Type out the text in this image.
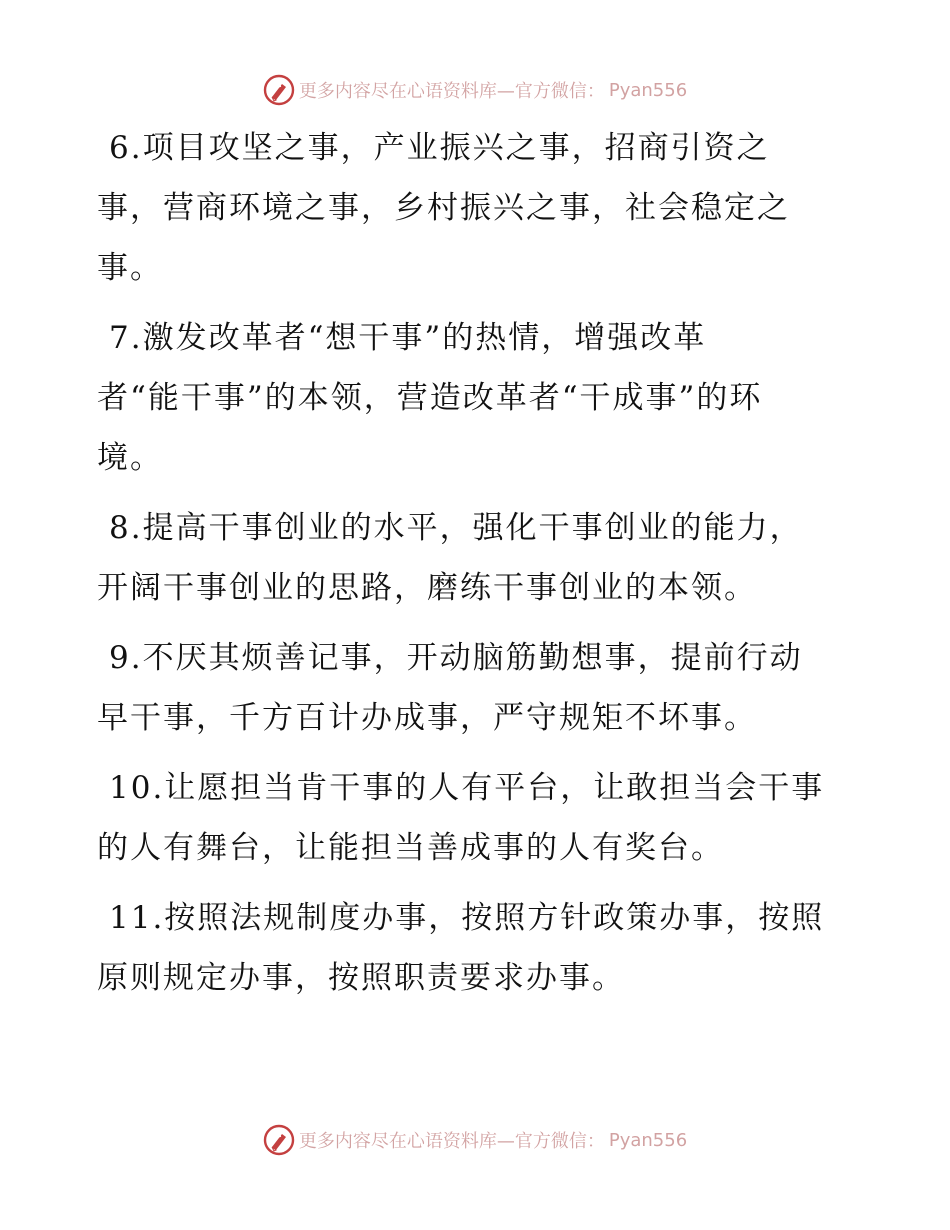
更多内容尽在心语资料库—官方微信： Pyan556

6.项目攻坚之事，产业振兴之事，招商引资之

事，营商环境之事，乡村振兴之事，社会稳定之

事。

7.激发改革者“想干事”的热情，增强改革

者“能干事”的本领，营造改革者“干成事”的环

境。

8.提高干事创业的水平，强化干事创业的能力，

开阔干事创业的思路，磨练干事创业的本领。

9.不厌其烦善记事，开动脑筋勤想事，提前行动

早干事，千方百计办成事，严守规矩不坏事。

10.让愿担当肯干事的人有平台，让敢担当会干事

的人有舞台，让能担当善成事的人有奖台。

11.按照法规制度办事，按照方针政策办事，按照

原则规定办事，按照职责要求办事。

更多内容尽在心语资料库—官方微信： Pyan556
